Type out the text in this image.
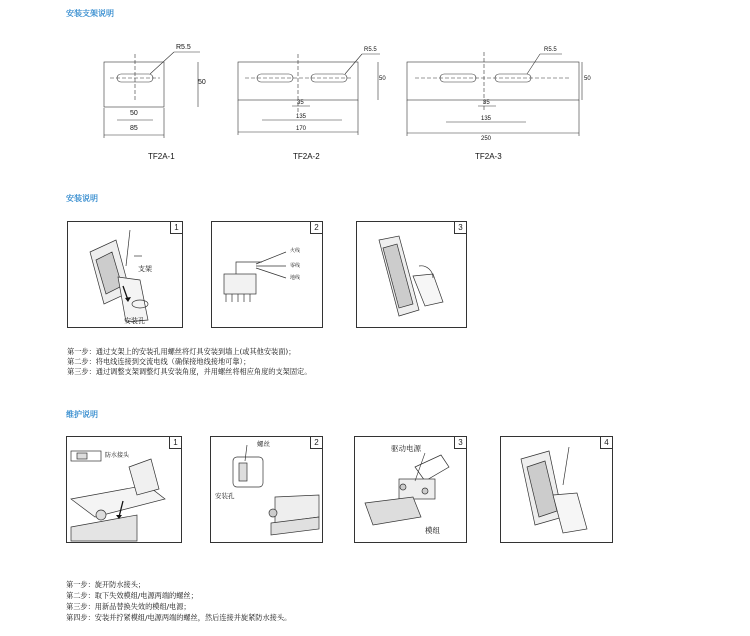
安装支架说明
R5.5
50
50
85
TF2A-1
R5.5
50
35
135
170
TF2A-2
R5.5
50
35
135
250
TF2A-3
安装说明
1
支架
安装孔
2
火线
零线
地线
3
第一步：通过支架上的安装孔用螺丝将灯具安装到墙上(或其他安装面)；
第二步：将电线连接到交流电线（确保接地线接地可靠）；
第三步：通过调整支架调整灯具安装角度，并用螺丝将相应角度的支架固定。
维护说明
1
防水接头
2
螺丝
安装孔
3
驱动电源
模组
4
第一步：旋开防水接头；
第二步：取下失效模组/电源两端的螺丝；
第三步：用新品替换失效的模组/电源；
第四步：安装并拧紧模组/电源两端的螺丝，然后连接并旋紧防水接头。
